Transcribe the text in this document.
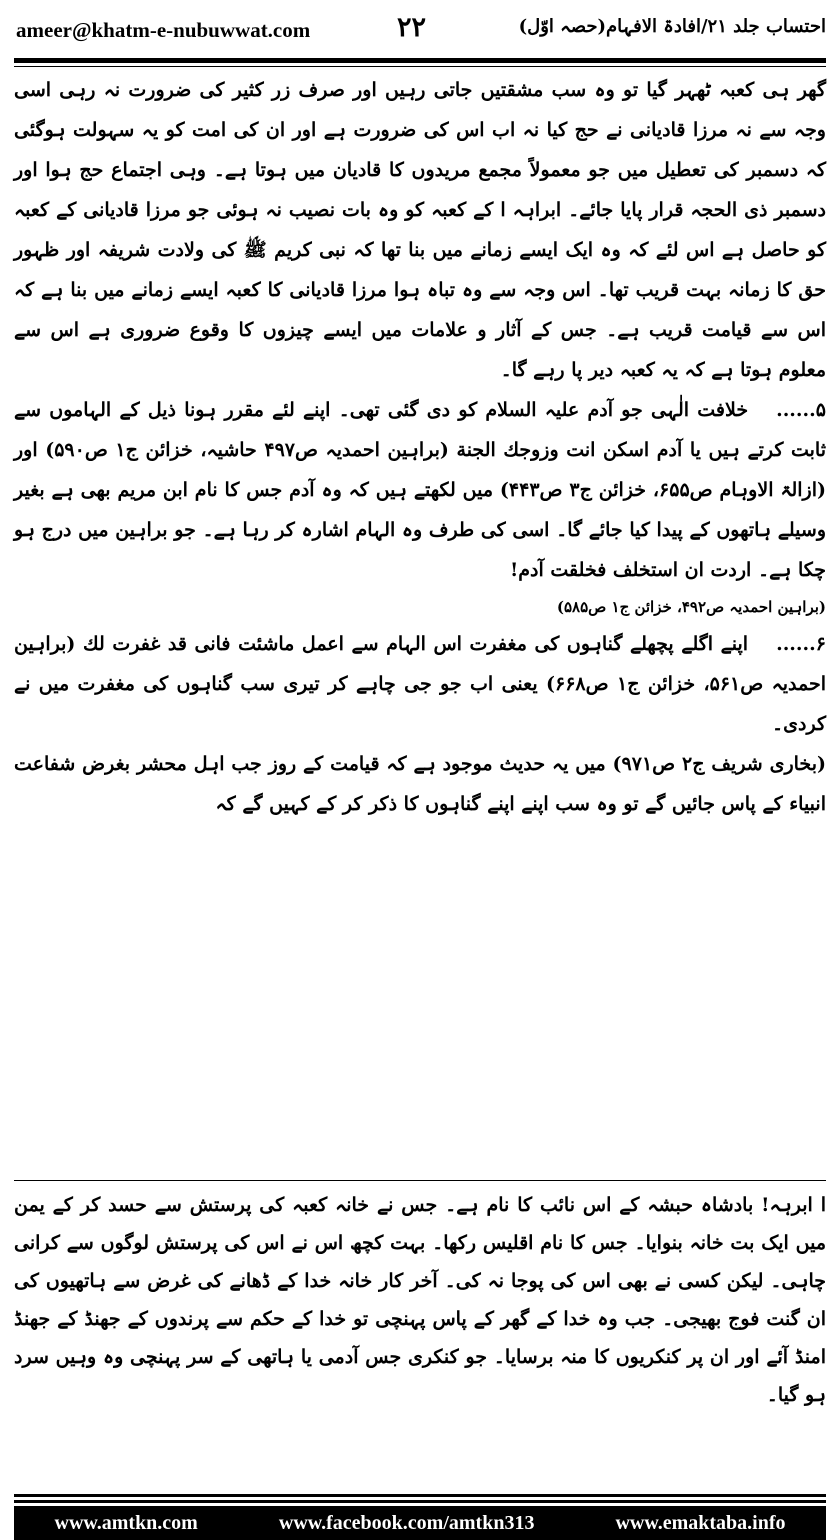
ameer@khatm-e-nubuwwat.com	۲۲	احتساب جلد ۲۱/افادۃ الافہام(حصہ اوّل)

گھر ہی کعبہ ٹھہر گیا تو وہ سب مشقتیں جاتی رہیں اور صرف زر کثیر کی ضرورت نہ رہی اسی وجہ سے نہ مرزا قادیانی نے حج کیا نہ اب اس کی ضرورت ہے اور ان کی امت کو یہ سہولت ہوگئی کہ دسمبر کی تعطیل میں جو معمولاً مجمع مریدوں کا قادیان میں ہوتا ہے۔ وہی اجتماع حج ہوا اور دسمبر ذی الحجہ قرار پایا جائے۔ ابراہہ ا کے کعبہ کو وہ بات نصیب نہ ہوئی جو مرزا قادیانی کے کعبہ کو حاصل ہے اس لئے کہ وہ ایک ایسے زمانے میں بنا تھا کہ نبی کریم ﷺ کی ولادت شریفہ اور ظہور حق کا زمانہ بہت قریب تھا۔ اس وجہ سے وہ تباہ ہوا مرزا قادیانی کا کعبہ ایسے زمانے میں بنا ہے کہ اس سے قیامت قریب ہے۔ جس کے آثار و علامات میں ایسے چیزوں کا وقوع ضروری ہے اس سے معلوم ہوتا ہے کہ یہ کعبہ دیر پا رہے گا۔

۵......خلافت الٰہی جو آدم علیہ السلام کو دی گئی تھی۔ اپنے لئے مقرر ہونا ذیل کے الہاموں سے ثابت کرتے ہیں یا آدم اسکن انت وزوجك الجنة (براہین احمدیہ ص۴۹۷ حاشیہ، خزائن ج۱ ص۵۹۰) اور (ازالۃ الاوہام ص۶۵۵، خزائن ج۳ ص۴۴۳) میں لکھتے ہیں کہ وہ آدم جس کا نام ابن مریم بھی ہے بغیر وسیلے ہاتھوں کے پیدا کیا جائے گا۔ اسی کی طرف وہ الہام اشارہ کر رہا ہے۔ جو براہین میں درج ہو چکا ہے۔ اردت ان استخلف فخلقت آدم!

(براہین احمدیہ ص۴۹۲، خزائن ج۱ ص۵۸۵)

۶......اپنے اگلے پچھلے گناہوں کی مغفرت اس الہام سے اعمل ماشئت فانی قد غفرت لك (براہین احمدیہ ص۵۶۱، خزائن ج۱ ص۶۶۸) یعنی اب جو جی چاہے کر تیری سب گناہوں کی مغفرت میں نے کردی۔

(بخاری شریف ج۲ ص۹۷۱) میں یہ حدیث موجود ہے کہ قیامت کے روز جب اہل محشر بغرض شفاعت انبیاء کے پاس جائیں گے تو وہ سب اپنے اپنے گناہوں کا ذکر کر کے کہیں گے کہ

ا ابرہہ! بادشاہ حبشہ کے اس نائب کا نام ہے۔ جس نے خانہ کعبہ کی پرستش سے حسد کر کے یمن میں ایک بت خانہ بنوایا۔ جس کا نام اقلیس رکھا۔ بہت کچھ اس نے اس کی پرستش لوگوں سے کرانی چاہی۔ لیکن کسی نے بھی اس کی پوجا نہ کی۔ آخر کار خانہ خدا کے ڈھانے کی غرض سے ہاتھیوں کی ان گنت فوج بھیجی۔ جب وہ خدا کے گھر کے پاس پہنچی تو خدا کے حکم سے پرندوں کے جھنڈ کے جھنڈ امنڈ آئے اور ان پر کنکریوں کا منہ برسایا۔ جو کنکری جس آدمی یا ہاتھی کے سر پہنچی وہ وہیں سرد ہو گیا۔

www.amtkn.com	www.facebook.com/amtkn313	www.emaktaba.info
